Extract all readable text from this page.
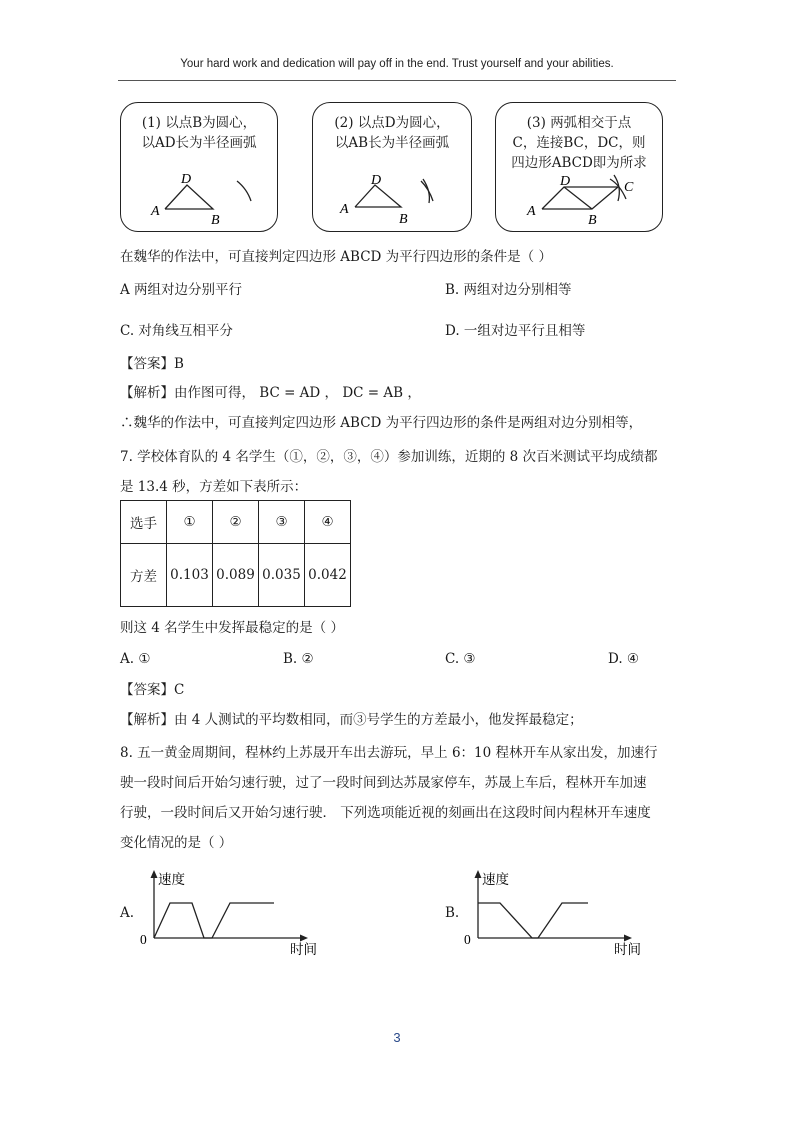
Your hard work and dedication will pay off in the end. Trust yourself and your abilities.
(1) 以点B为圆心，
以AD长为半径画弧
D
A
B
(2) 以点D为圆心，
以AB长为半径画弧
D
A
B
(3) 两弧相交于点
C，连接BC，DC，则
四边形ABCD即为所求
D	C
A
B
在魏华的作法中，可直接判定四边形 ABCD 为平行四边形的条件是（ ）
A 两组对边分别平行	B. 两组对边分别相等
C. 对角线互相平分	D. 一组对边平行且相等
【答案】B
【解析】由作图可得， BC = AD ， DC = AB ，
∴魏华的作法中，可直接判定四边形 ABCD 为平行四边形的条件是两组对边分别相等，
7. 学校体育队的 4 名学生（①，②，③，④）参加训练，近期的 8 次百米测试平均成绩都
是 13.4 秒，方差如下表所示：
选手	①	②	③	④
方差	0.103	0.089	0.035	0.042
则这 4 名学生中发挥最稳定的是（ ）
A. ①	B. ②	C. ③	D. ④
【答案】C
【解析】由 4 人测试的平均数相同，而③号学生的方差最小，他发挥最稳定；
8. 五一黄金周期间，程林约上苏晟开车出去游玩，早上 6：10 程林开车从家出发，加速行
驶一段时间后开始匀速行驶，过了一段时间到达苏晟家停车，苏晟上车后，程林开车加速
行驶，一段时间后又开始匀速行驶． 下列选项能近视的刻画出在这段时间内程林开车速度
变化情况的是（ ）
A.
速度
时间
0
B.
速度
时间
0
3
